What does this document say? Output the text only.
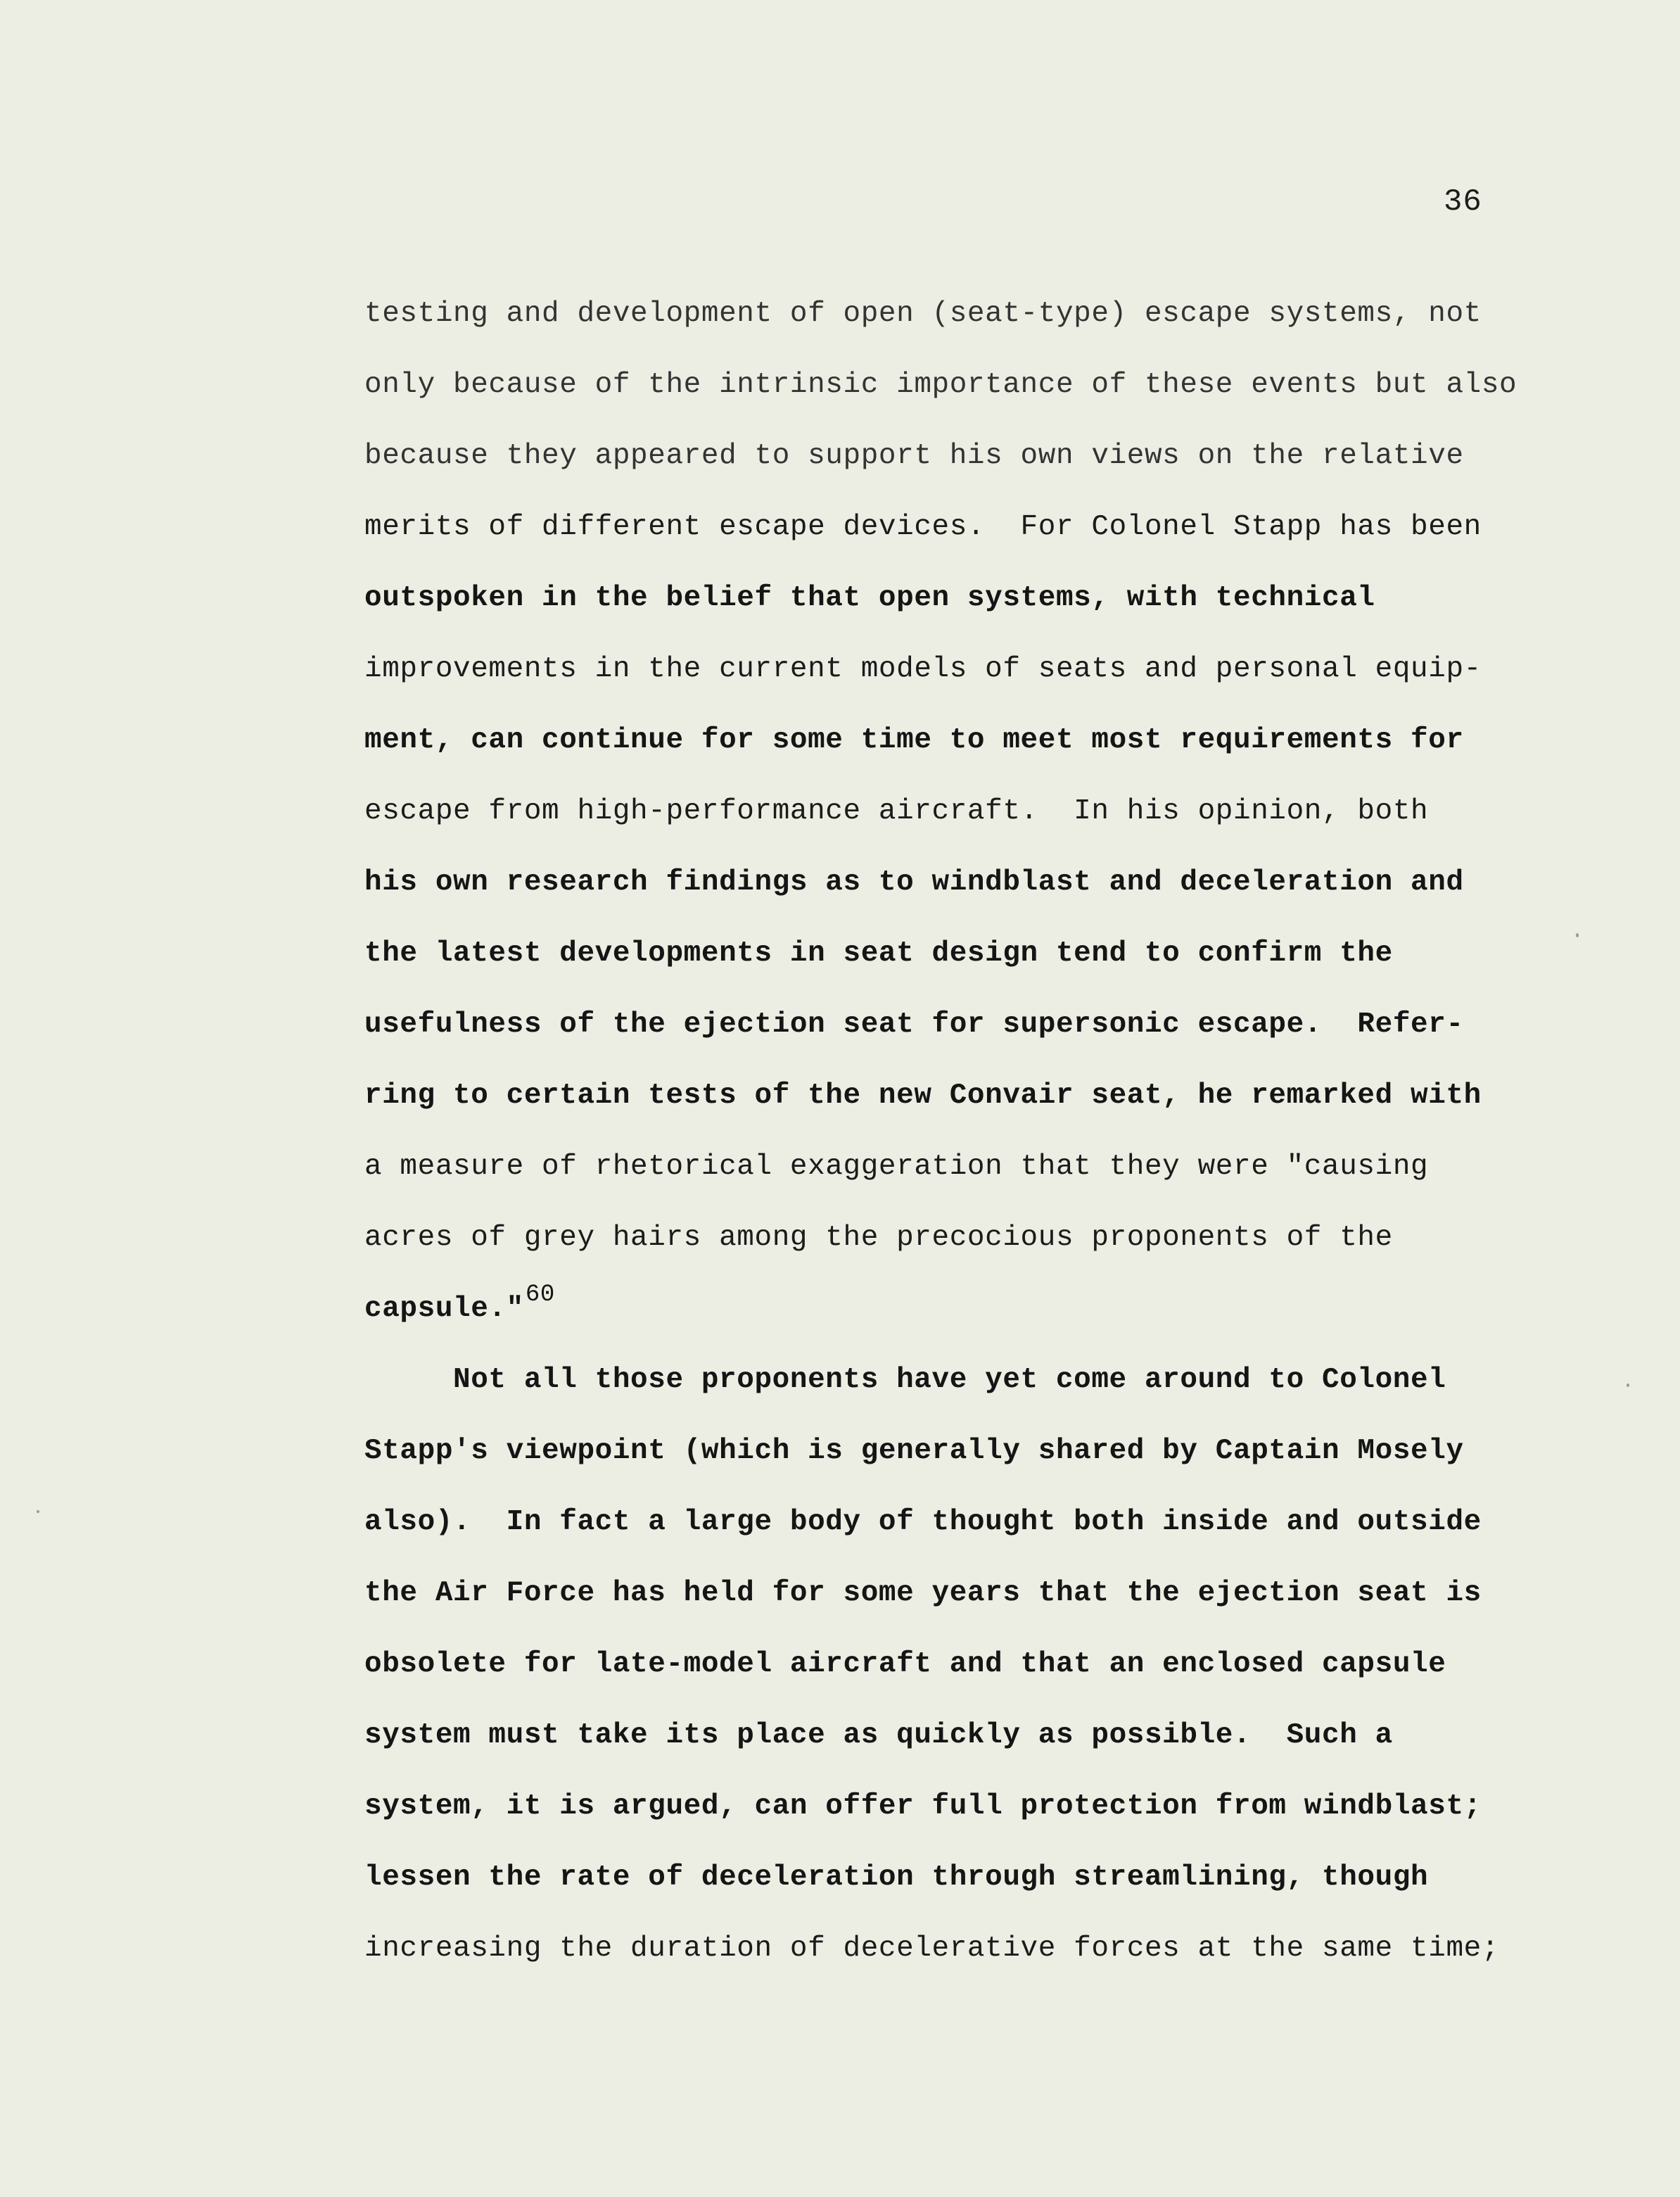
36
testing and development of open (seat-type) escape systems, not
only because of the intrinsic importance of these events but also
because they appeared to support his own views on the relative
merits of different escape devices.  For Colonel Stapp has been
outspoken in the belief that open systems, with technical
improvements in the current models of seats and personal equip-
ment, can continue for some time to meet most requirements for
escape from high-performance aircraft.  In his opinion, both
his own research findings as to windblast and deceleration and
the latest developments in seat design tend to confirm the
usefulness of the ejection seat for supersonic escape.  Refer-
ring to certain tests of the new Convair seat, he remarked with
a measure of rhetorical exaggeration that they were "causing
acres of grey hairs among the precocious proponents of the
capsule."$^{60}$
Not all those proponents have yet come around to Colonel
Stapp's viewpoint (which is generally shared by Captain Mosely
also).  In fact a large body of thought both inside and outside
the Air Force has held for some years that the ejection seat is
obsolete for late-model aircraft and that an enclosed capsule
system must take its place as quickly as possible.  Such a
system, it is argued, can offer full protection from windblast;
lessen the rate of deceleration through streamlining, though
increasing the duration of decelerative forces at the same time;
